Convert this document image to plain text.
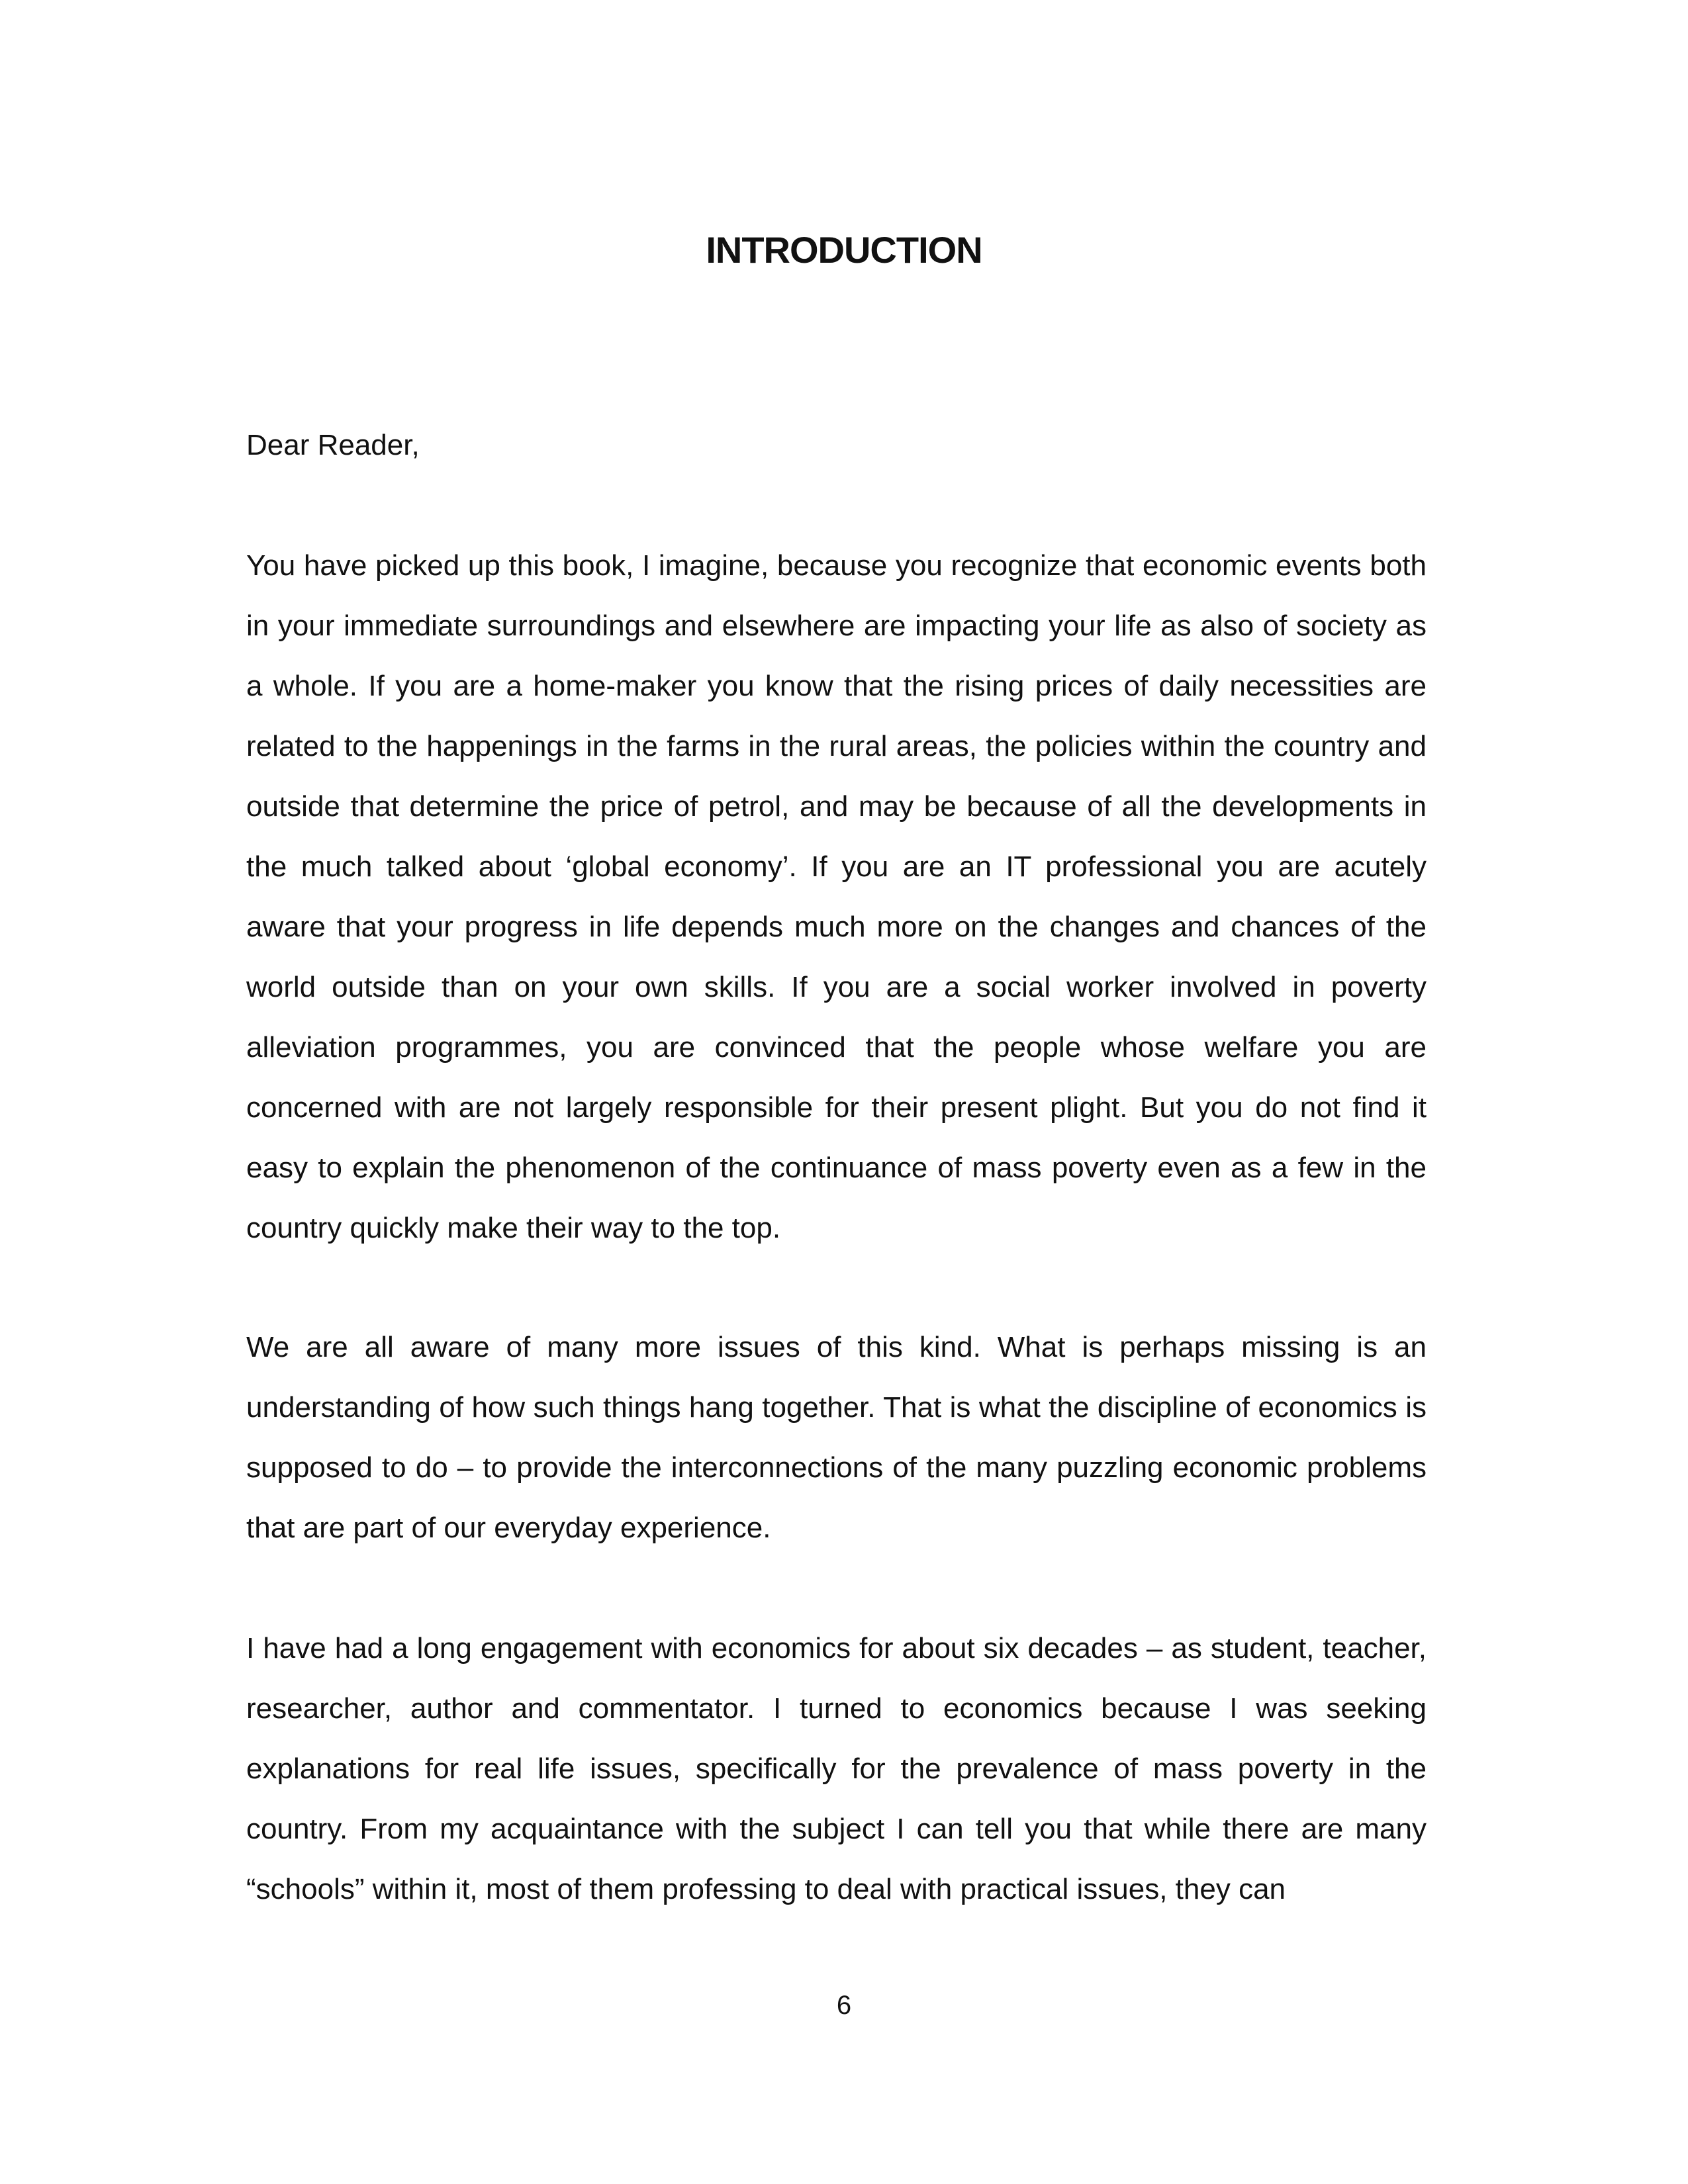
INTRODUCTION

Dear Reader,

You have picked up this book, I imagine, because you recognize that economic events both in your immediate surroundings and elsewhere are impacting your life as also of society as a whole. If you are a home-maker you know that the rising prices of daily necessities are related to the happenings in the farms in the rural areas, the policies within the country and outside that determine the price of petrol, and may be because of all the developments in the much talked about ‘global economy’. If you are an IT professional you are acutely aware that your progress in life depends much more on the changes and chances of the world outside than on your own skills. If you are a social worker involved in poverty alleviation programmes, you are convinced that the people whose welfare you are concerned with are not largely responsible for their present plight. But you do not find it easy to explain the phenomenon of the continuance of mass poverty even as a few in the country quickly make their way to the top.

We are all aware of many more issues of this kind. What is perhaps missing is an understanding of how such things hang together. That is what the discipline of economics is supposed to do – to provide the interconnections of the many puzzling economic problems that are part of our everyday experience.

I have had a long engagement with economics for about six decades – as student, teacher, researcher, author and commentator. I turned to economics because I was seeking explanations for real life issues, specifically for the prevalence of mass poverty in the country. From my acquaintance with the subject I can tell you that while there are many “schools” within it, most of them professing to deal with practical issues, they can

6
